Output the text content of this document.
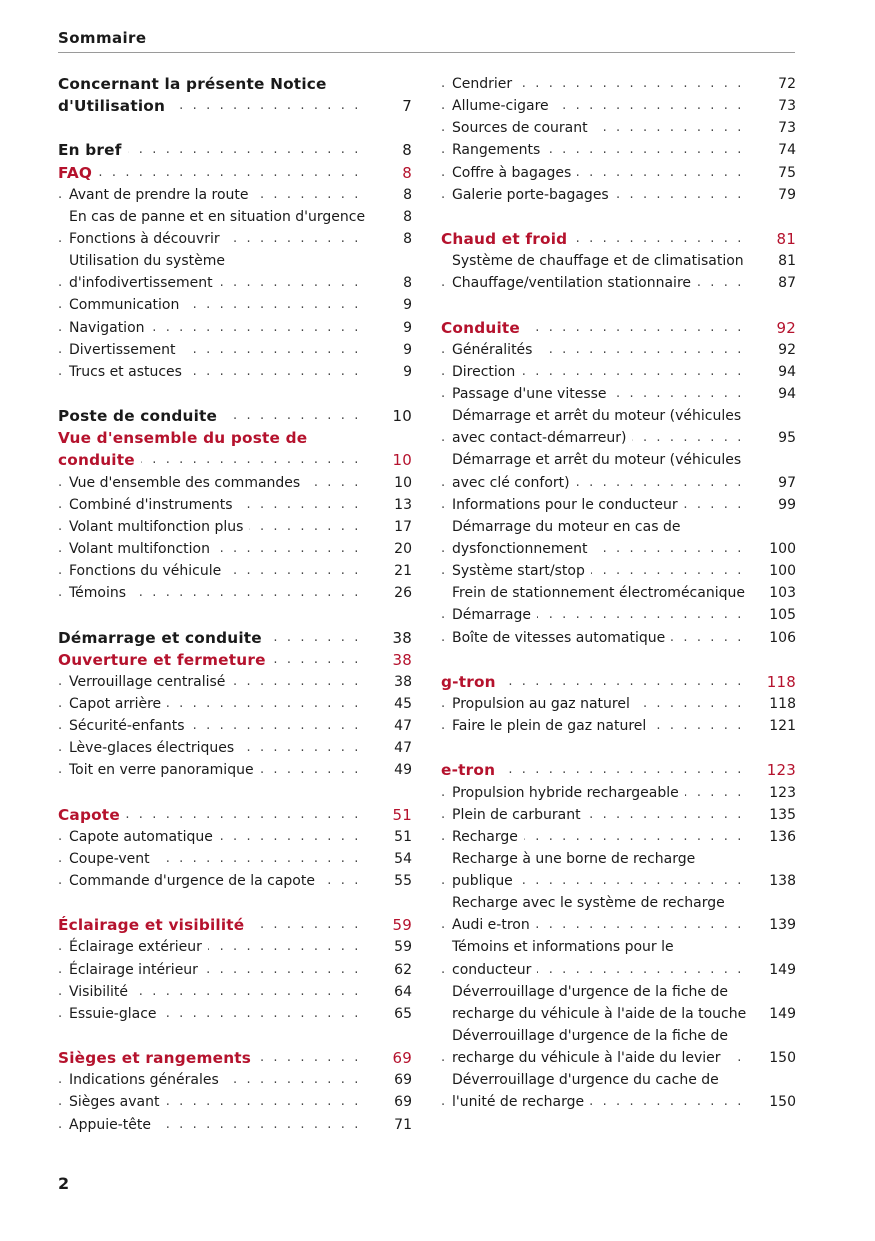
Sommaire
Concernant la présente Notice
. . .
d'Utilisation	7
. . .
En bref	8
. . .
FAQ	8
. . .
Avant de prendre la route	8
En cas de panne et en situation d'urgence	8
. . .
Fonctions à découvrir	8
Utilisation du système
. . .
d'infodivertissement	8
. . .
Communication	9
. . .
Navigation	9
. . .
Divertissement	9
. . .
Trucs et astuces	9
. . .
Poste de conduite	10
Vue d'ensemble du poste de
. . .
conduite	10
. . .
Vue d'ensemble des commandes	10
. . .
Combiné d'instruments	13
. . .
Volant multifonction plus	17
. . .
Volant multifonction	20
. . .
Fonctions du véhicule	21
. . .
Témoins	26
. . .
Démarrage et conduite	38
. . .
Ouverture et fermeture	38
. . .
Verrouillage centralisé	38
. . .
Capot arrière	45
. . .
Sécurité-enfants	47
. . .
Lève-glaces électriques	47
. . .
Toit en verre panoramique	49
. . .
Capote	51
. . .
Capote automatique	51
. . .
Coupe-vent	54
. . .
Commande d'urgence de la capote	55
. . .
Éclairage et visibilité	59
. . .
Éclairage extérieur	59
. . .
Éclairage intérieur	62
. . .
Visibilité	64
. . .
Essuie-glace	65
. . .
Sièges et rangements	69
. . .
Indications générales	69
. . .
Sièges avant	69
. . .
Appuie-tête	71
. . .
Cendrier	72
. . .
Allume-cigare	73
. . .
Sources de courant	73
. . .
Rangements	74
. . .
Coffre à bagages	75
. . .
Galerie porte-bagages	79
. . .
Chaud et froid	81
Système de chauffage et de climatisation	81
. . .
Chauffage/ventilation stationnaire	87
. . .
Conduite	92
. . .
Généralités	92
. . .
Direction	94
. . .
Passage d'une vitesse	94
Démarrage et arrêt du moteur (véhicules
. . .
avec contact-démarreur)	95
Démarrage et arrêt du moteur (véhicules
. . .
avec clé confort)	97
. . .
Informations pour le conducteur	99
Démarrage du moteur en cas de
. . .
dysfonctionnement	100
. . .
Système start/stop	100
Frein de stationnement électromécanique	103
. . .
Démarrage	105
. . .
Boîte de vitesses automatique	106
. . .
g-tron	118
. . .
Propulsion au gaz naturel	118
. . .
Faire le plein de gaz naturel	121
. . .
e-tron	123
. . .
Propulsion hybride rechargeable	123
. . .
Plein de carburant	135
. . .
Recharge	136
Recharge à une borne de recharge
. . .
publique	138
Recharge avec le système de recharge
. . .
Audi e-tron	139
Témoins et informations pour le
. . .
conducteur	149
Déverrouillage d'urgence de la fiche de
recharge du véhicule à l'aide de la touche	149
Déverrouillage d'urgence de la fiche de
. . .
recharge du véhicule à l'aide du levier	150
Déverrouillage d'urgence du cache de
. . .
l'unité de recharge	150
2
